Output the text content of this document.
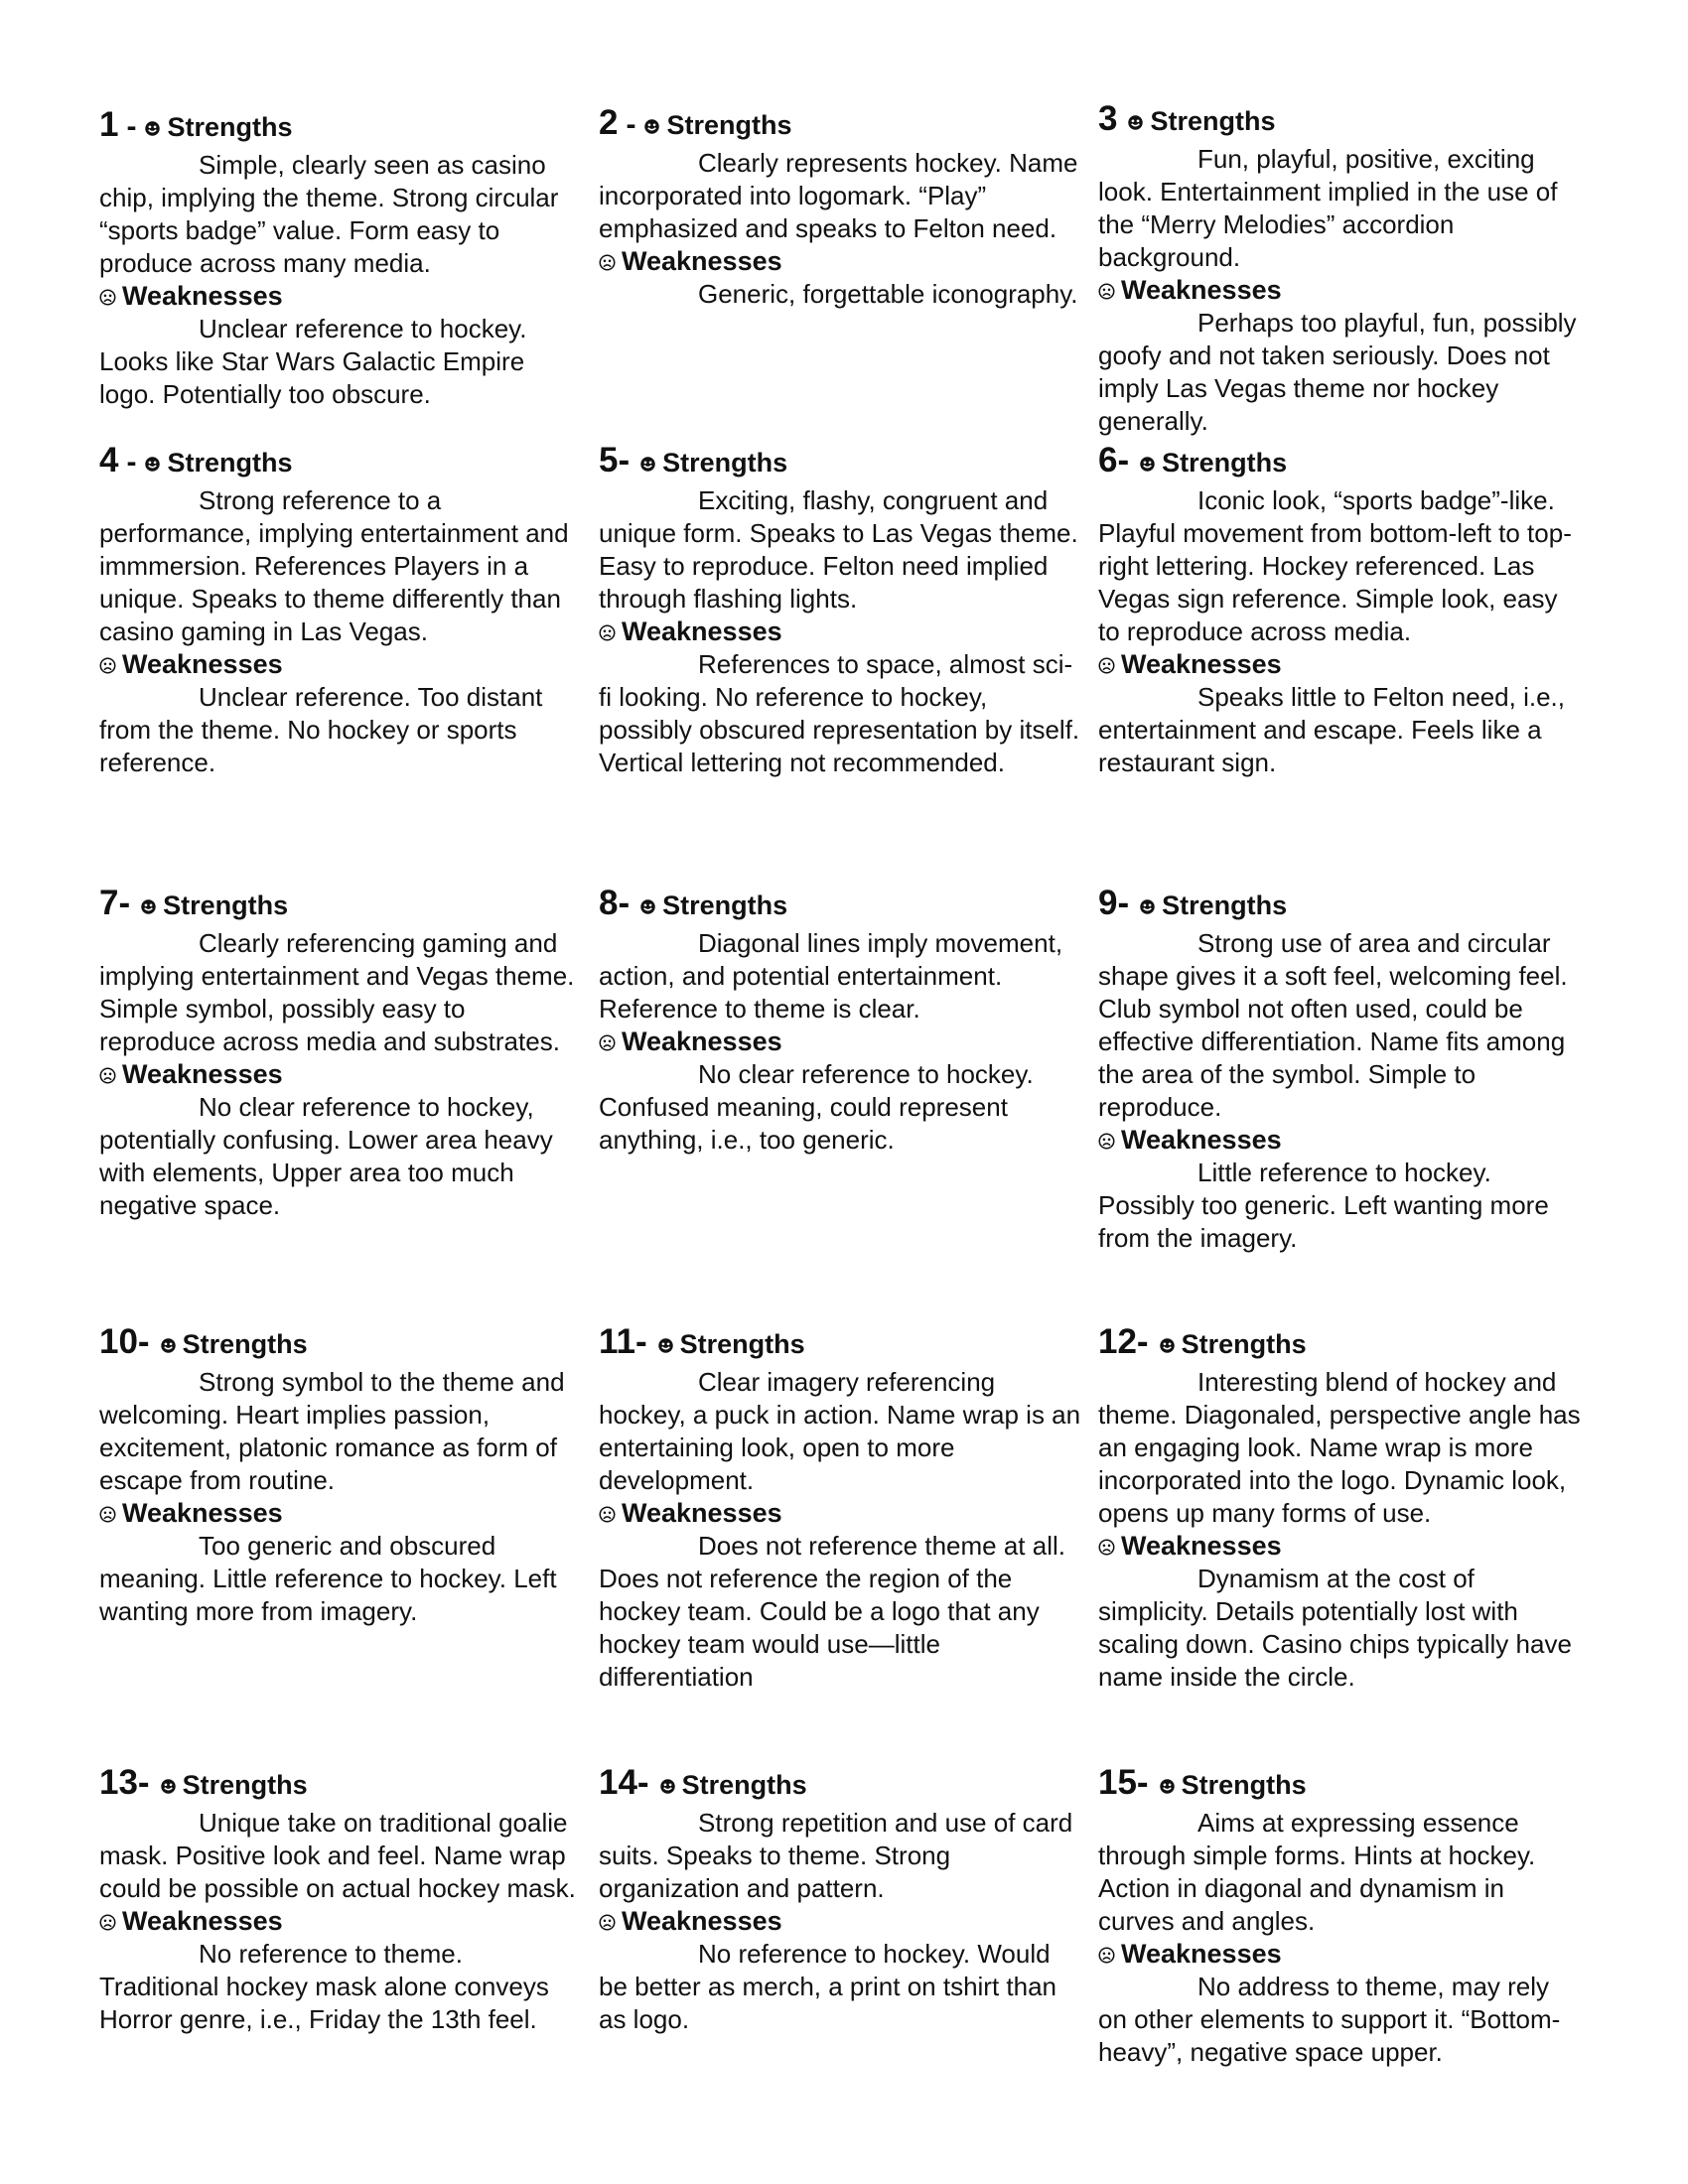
1 - Strengths

Simple, clearly seen as casino chip, implying the theme. Strong circular “sports badge” value. Form easy to produce across many media.

Weaknesses

Unclear reference to hockey. Looks like Star Wars Galactic Empire logo. Potentially too obscure.

2 - Strengths

Clearly represents hockey. Name incorporated into logomark. “Play” emphasized and speaks to Felton need.

Weaknesses

Generic, forgettable iconography.

3 Strengths

Fun, playful, positive, exciting look. Entertainment implied in the use of the “Merry Melodies” accordion background.

Weaknesses

Perhaps too playful, fun, possibly goofy and not taken seriously. Does not imply Las Vegas theme nor hockey generally.

4 - Strengths

Strong reference to a performance, implying entertainment and immmersion. References Players in a unique. Speaks to theme differently than casino gaming in Las Vegas.

Weaknesses

Unclear reference. Too distant from the theme. No hockey or sports reference.

5- Strengths

Exciting, flashy, congruent and unique form. Speaks to Las Vegas theme. Easy to reproduce. Felton need implied through flashing lights.

Weaknesses

References to space, almost sci-fi looking. No reference to hockey, possibly obscured representation by itself. Vertical lettering not recommended.

6- Strengths

Iconic look, “sports badge”-like. Playful movement from bottom-left to top-right lettering. Hockey referenced. Las Vegas sign reference. Simple look, easy to reproduce across media.

Weaknesses

Speaks little to Felton need, i.e., entertainment and escape. Feels like a restaurant sign.

7- Strengths

Clearly referencing gaming and implying entertainment and Vegas theme. Simple symbol, possibly easy to reproduce across media and substrates.

Weaknesses

No clear reference to hockey, potentially confusing. Lower area heavy with elements, Upper area too much negative space.

8- Strengths

Diagonal lines imply movement, action, and potential entertainment. Reference to theme is clear.

Weaknesses

No clear reference to hockey. Confused meaning, could represent anything, i.e., too generic.

9- Strengths

Strong use of area and circular shape gives it a soft feel, welcoming feel. Club symbol not often used, could be effective differentiation. Name fits among the area of the symbol. Simple to reproduce.

Weaknesses

Little reference to hockey. Possibly too generic. Left wanting more from the imagery.

10- Strengths

Strong symbol to the theme and welcoming. Heart implies passion, excitement, platonic romance as form of escape from routine.

Weaknesses

Too generic and obscured meaning. Little reference to hockey. Left wanting more from imagery.

11- Strengths

Clear imagery referencing hockey, a puck in action. Name wrap is an entertaining look, open to more development.

Weaknesses

Does not reference theme at all. Does not reference the region of the hockey team. Could be a logo that any hockey team would use—little differentiation

12- Strengths

Interesting blend of hockey and theme. Diagonaled, perspective angle has an engaging look. Name wrap is more incorporated into the logo. Dynamic look, opens up many forms of use.

Weaknesses

Dynamism at the cost of simplicity. Details potentially lost with scaling down. Casino chips typically have name inside the circle.

13- Strengths

Unique take on traditional goalie mask. Positive look and feel. Name wrap could be possible on actual hockey mask.

Weaknesses

No reference to theme. Traditional hockey mask alone conveys Horror genre, i.e., Friday the 13th feel.

14- Strengths

Strong repetition and use of card suits. Speaks to theme. Strong organization and pattern.

Weaknesses

No reference to hockey. Would be better as merch, a print on tshirt than as logo.

15- Strengths

Aims at expressing essence through simple forms. Hints at hockey. Action in diagonal and dynamism in curves and angles.

Weaknesses

No address to theme, may rely on other elements to support it. “Bottom-heavy”, negative space upper.
